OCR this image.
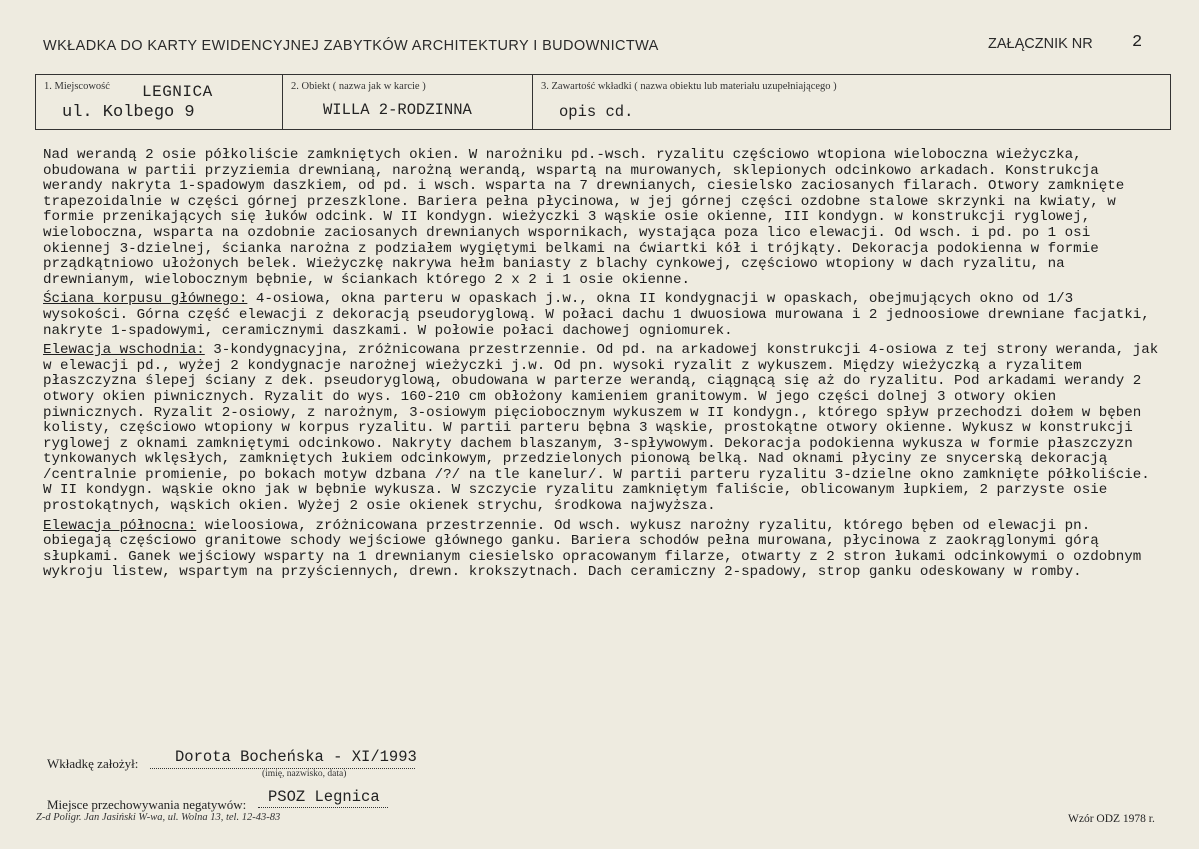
WKŁADKA DO KARTY EWIDENCYJNEJ ZABYTKÓW ARCHITEKTURY I BUDOWNICTWA	ZAŁĄCZNIK NR 2
1. Miejscowość LEGNICA
ul. Kolbego 9
2. Obiekt ( nazwa jak w karcie )
WILLA 2-RODZINNA
3. Zawartość wkładki ( nazwa obiektu lub materiału uzupełniającego )
opis cd.

Nad werandą 2 osie półkoliście zamkniętych okien. W narożniku pd.-wsch. ryzalitu częściowo wtopiona wieloboczna wieżyczka, obudowana w partii przyziemia drewnianą, narożną werandą, wspartą na murowanych, sklepionych odcinkowo arkadach. Konstrukcja werandy nakryta 1-spadowym daszkiem, od pd. i wsch. wsparta na 7 drewnianych, ciesielsko zaciosanych filarach. Otwory zamknięte trapezoidalnie w części górnej przeszklone. Bariera pełna płycinowa, w jej górnej części ozdobne stalowe skrzynki na kwiaty, w formie przenikających się łuków odcink. W II kondygn. wieżyczki 3 wąskie osie okienne, III kondygn. w konstrukcji ryglowej, wieloboczna, wsparta na ozdobnie zaciosanych drewnianych wspornikach, wystająca poza lico elewacji. Od wsch. i pd. po 1 osi okiennej 3-dzielnej, ścianka narożna z podziałem wygiętymi belkami na ćwiartki kół i trójkąty. Dekoracja podokienna w formie prządkątniowo ułożonych belek. Wieżyczkę nakrywa hełm baniasty z blachy cynkowej, częściowo wtopiony w dach ryzalitu, na drewnianym, wielobocznym bębnie, w ściankach którego 2 x 2 i 1 osie okienne.

Ściana korpusu głównego: 4-osiowa, okna parteru w opaskach j.w., okna II kondygnacji w opaskach, obejmujących okno od 1/3 wysokości. Górna część elewacji z dekoracją pseudoryglową. W połaci dachu 1 dwuosiowa murowana i 2 jednoosiowe drewniane facjatki, nakryte 1-spadowymi, ceramicznymi daszkami. W połowie połaci dachowej ogniomurek.

Elewacja wschodnia: 3-kondygnacyjna, zróżnicowana przestrzennie. Od pd. na arkadowej konstrukcji 4-osiowa z tej strony weranda, jak w elewacji pd., wyżej 2 kondygnacje narożnej wieżyczki j.w. Od pn. wysoki ryzalit z wykuszem. Między wieżyczką a ryzalitem płaszczyzna ślepej ściany z dek. pseudoryglową, obudowana w parterze werandą, ciągnącą się aż do ryzalitu. Pod arkadami werandy 2 otwory okien piwnicznych. Ryzalit do wys. 160-210 cm obłożony kamieniem granitowym. W jego części dolnej 3 otwory okien piwnicznych. Ryzalit 2-osiowy, z narożnym, 3-osiowym pięciobocznym wykuszem w II kondygn., którego spływ przechodzi dołem w bęben kolisty, częściowo wtopiony w korpus ryzalitu. W partii parteru bębna 3 wąskie, prostokątne otwory okienne. Wykusz w konstrukcji ryglowej z oknami zamkniętymi odcinkowo. Nakryty dachem blaszanym, 3-spływowym. Dekoracja podokienna wykusza w formie płaszczyzn tynkowanych wklęsłych, zamkniętych łukiem odcinkowym, przedzielonych pionową belką. Nad oknami płyciny ze snycerską dekoracją /centralnie promienie, po bokach motyw dzbana /?/ na tle kanelur/. W partii parteru ryzalitu 3-dzielne okno zamknięte półkoliście. W II kondygn. wąskie okno jak w bębnie wykusza. W szczycie ryzalitu zamkniętym faliście, oblicowanym łupkiem, 2 parzyste osie prostokątnych, wąskich okien. Wyżej 2 osie okienek strychu, środkowa najwyższa.

Elewacja północna: wieloosiowa, zróżnicowana przestrzennie. Od wsch. wykusz narożny ryzalitu, którego bęben od elewacji pn. obiegają częściowo granitowe schody wejściowe głównego ganku. Bariera schodów pełna murowana, płycinowa z zaokrąglonymi górą słupkami. Ganek wejściowy wsparty na 1 drewnianym ciesielsko opracowanym filarze, otwarty z 2 stron łukami odcinkowymi o ozdobnym wykroju listew, wspartym na przyściennych, drewn. krokszytnach. Dach ceramiczny 2-spadowy, strop ganku odeskowany w romby.

Wkładkę założył: Dorota Bocheńska - XI/1993
(imię, nazwisko, data)
Miejsce przechowywania negatywów: PSOZ Legnica
Z-d Poligr. Jan Jasiński W-wa, ul. Wolna 13, tel. 12-43-83	Wzór ODZ 1978 r.
